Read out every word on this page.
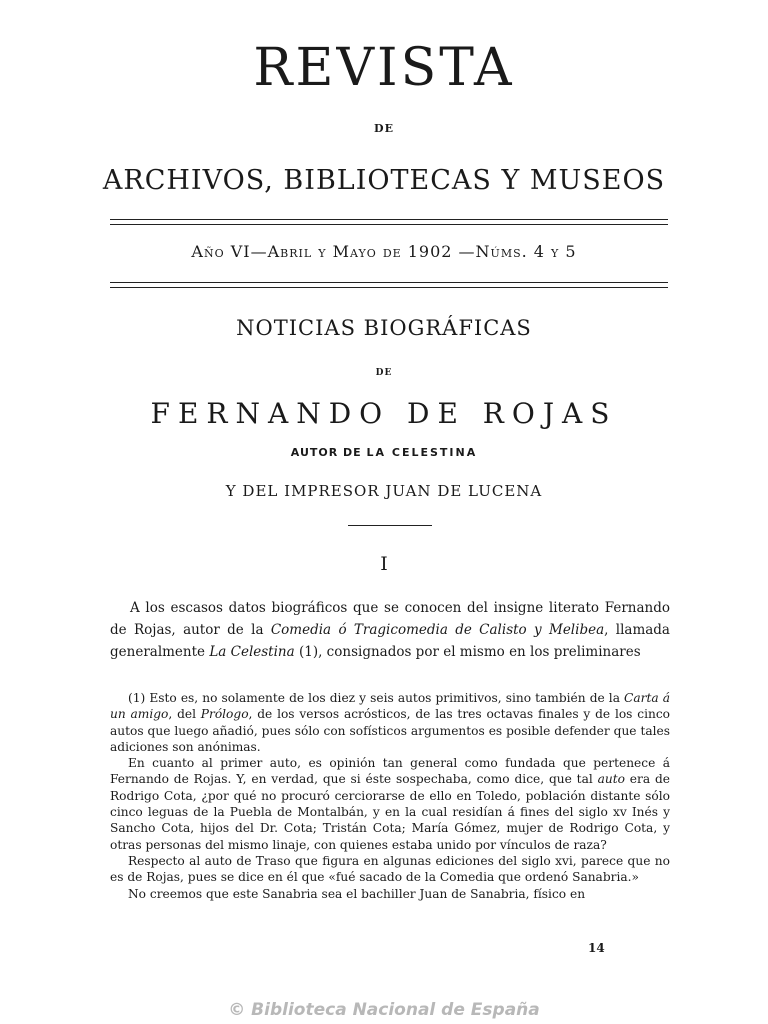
REVISTA
DE
ARCHIVOS, BIBLIOTECAS Y MUSEOS
Año VI—Abril y Mayo de 1902 —Núms. 4 y 5
NOTICIAS BIOGRÁFICAS
DE
FERNANDO DE ROJAS
AUTOR DE LA CELESTINA
Y DEL IMPRESOR JUAN DE LUCENA
I

A los escasos datos biográficos que se conocen del insigne literato Fernando de Rojas, autor de la Comedia ó Tragicomedia de Calisto y Melibea, llamada generalmente La Celestina (1), consignados por el mismo en los preliminares

(1) Esto es, no solamente de los diez y seis autos primitivos, sino también de la Carta á un amigo, del Prólogo, de los versos acrósticos, de las tres octavas finales y de los cinco autos que luego añadió, pues sólo con sofísticos argumentos es posible defender que tales adiciones son anónimas.

En cuanto al primer auto, es opinión tan general como fundada que pertenece á Fernando de Rojas. Y, en verdad, que si éste sospechaba, como dice, que tal auto era de Rodrigo Cota, ¿por qué no procuró cerciorarse de ello en Toledo, población distante sólo cinco leguas de la Puebla de Montalbán, y en la cual residían á fines del siglo xv Inés y Sancho Cota, hijos del Dr. Cota; Tristán Cota; María Gómez, mujer de Rodrigo Cota, y otras personas del mismo linaje, con quienes estaba unido por vínculos de raza?

Respecto al auto de Traso que figura en algunas ediciones del siglo xvi, parece que no es de Rojas, pues se dice en él que «fué sacado de la Comedia que ordenó Sanabria.»

No creemos que este Sanabria sea el bachiller Juan de Sanabria, físico en

14
© Biblioteca Nacional de España
